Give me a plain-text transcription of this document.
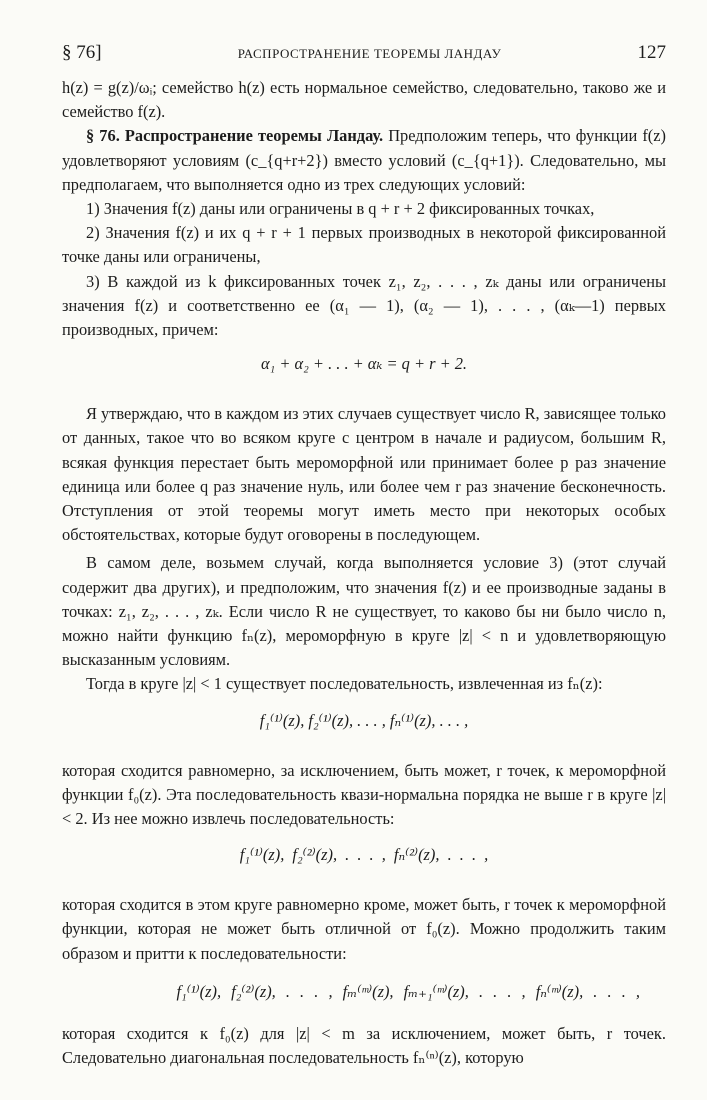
§ 76]	РАСПРОСТРАНЕНИЕ ТЕОРЕМЫ ЛАНДАУ	127

h(z) = g(z)/ωᵢ; семейство h(z) есть нормальное семейство, следовательно, таково же и семейство f(z).

§ 76. Распространение теоремы Ландау. Предположим теперь, что функции f(z) удовлетворяют условиям (c_{q+r+2}) вместо условий (c_{q+1}). Следовательно, мы предполагаем, что выполняется одно из трех следующих условий:

1) Значения f(z) даны или ограничены в q + r + 2 фиксированных точках,

2) Значения f(z) и их q + r + 1 первых производных в некоторой фиксированной точке даны или ограничены,

3) В каждой из k фиксированных точек z₁, z₂, . . . , zₖ даны или ограничены значения f(z) и соответственно ее (α₁ — 1), (α₂ — 1), . . . , (αₖ—1) первых производных, причем:

α₁ + α₂ + . . . + αₖ = q + r + 2.

Я утверждаю, что в каждом из этих случаев существует число R, зависящее только от данных, такое что во всяком круге с центром в начале и радиусом, большим R, всякая функция перестает быть мероморфной или принимает более p раз значение единица или более q раз значение нуль, или более чем r раз значение бесконечность. Отступления от этой теоремы могут иметь место при некоторых особых обстоятельствах, которые будут оговорены в последующем.

В самом деле, возьмем случай, когда выполняется условие 3) (этот случай содержит два других), и предположим, что значения f(z) и ее производные заданы в точках: z₁, z₂, . . . , zₖ. Если число R не существует, то каково бы ни было число n, можно найти функцию fₙ(z), мероморфную в круге |z| < n и удовлетворяющую высказанным условиям.

Тогда в круге |z| < 1 существует последовательность, извлеченная из fₙ(z):

f₁⁽¹⁾(z), f₂⁽¹⁾(z), . . . , fₙ⁽¹⁾(z), . . . ,

которая сходится равномерно, за исключением, быть может, r точек, к мероморфной функции f₀(z). Эта последовательность квази-нормальна порядка не выше r в круге |z| < 2. Из нее можно извлечь последовательность:

f₁⁽¹⁾(z), f₂⁽²⁾(z), . . . , fₙ⁽²⁾(z), . . . ,

которая сходится в этом круге равномерно кроме, может быть, r точек к мероморфной функции, которая не может быть отличной от f₀(z). Можно продолжить таким образом и притти к последовательности:

f₁⁽¹⁾(z), f₂⁽²⁾(z), . . . , fₘ⁽ᵐ⁾(z), fₘ₊₁⁽ᵐ⁾(z), . . . , fₙ⁽ᵐ⁾(z), . . . ,

которая сходится к f₀(z) для |z| < m за исключением, может быть, r точек. Следовательно диагональная последовательность fₙ⁽ⁿ⁾(z), которую
